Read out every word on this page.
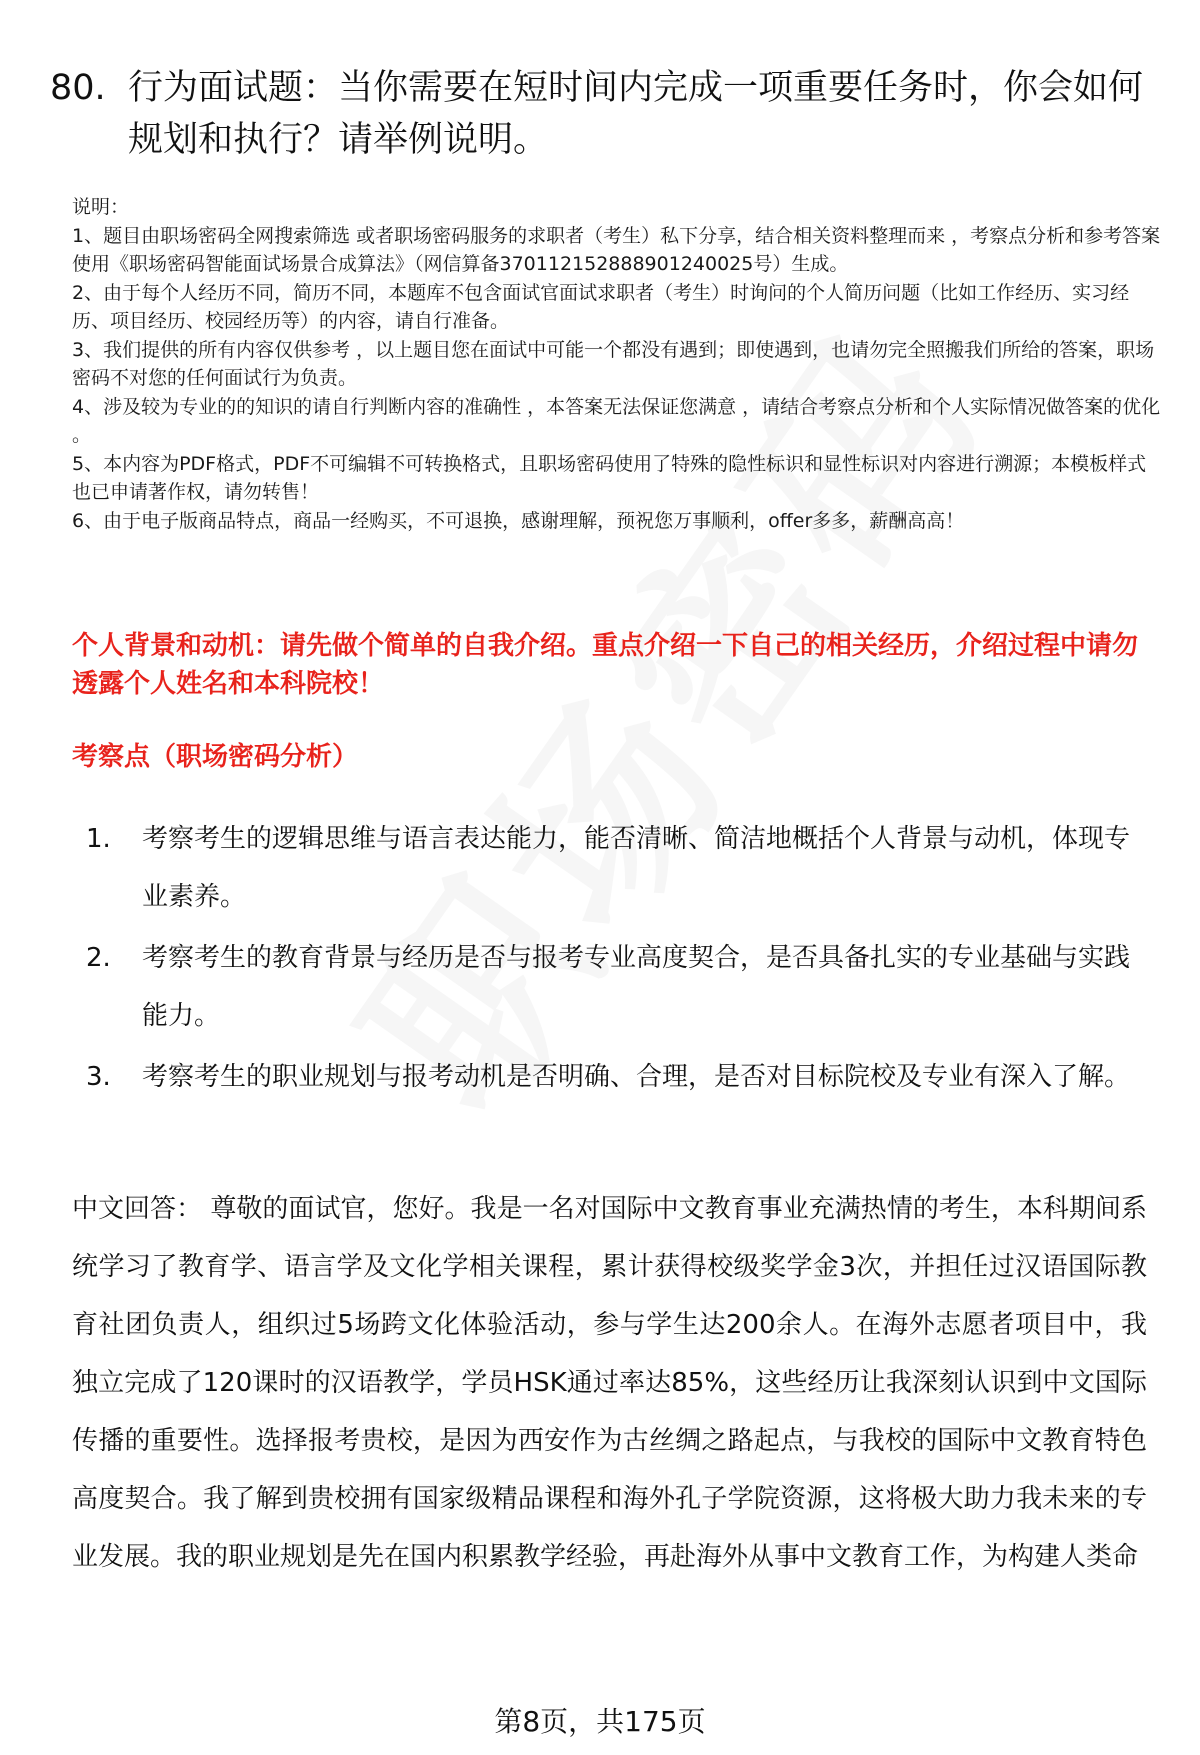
80. 行为面试题：当你需要在短时间内完成一项重要任务时，你会如何规划和执行？请举例说明。
说明：
1、题目由职场密码全网搜索筛选 或者职场密码服务的求职者（考生）私下分享，结合相关资料整理而来 ，考察点分析和参考答案使用《职场密码智能面试场景合成算法》（网信算备370112152888901240025号）生成。
2、由于每个人经历不同，简历不同，本题库不包含面试官面试求职者（考生）时询问的个人简历问题（比如工作经历、实习经历、项目经历、校园经历等）的内容，请自行准备。
3、我们提供的所有内容仅供参考 ，以上题目您在面试中可能一个都没有遇到；即使遇到，也请勿完全照搬我们所给的答案，职场密码不对您的任何面试行为负责。
4、涉及较为专业的的知识的请自行判断内容的准确性 ，本答案无法保证您满意 ，请结合考察点分析和个人实际情况做答案的优化 。
5、本内容为PDF格式，PDF不可编辑不可转换格式，且职场密码使用了特殊的隐性标识和显性标识对内容进行溯源；本模板样式也已申请著作权，请勿转售！
6、由于电子版商品特点，商品一经购买，不可退换，感谢理解，预祝您万事顺利，offer多多，薪酬高高！
个人背景和动机：请先做个简单的自我介绍。重点介绍一下自己的相关经历，介绍过程中请勿透露个人姓名和本科院校！
考察点（职场密码分析）
1.	考察考生的逻辑思维与语言表达能力，能否清晰、简洁地概括个人背景与动机，体现专业素养。
2.	考察考生的教育背景与经历是否与报考专业高度契合，是否具备扎实的专业基础与实践能力。
3.	考察考生的职业规划与报考动机是否明确、合理，是否对目标院校及专业有深入了解。
中文回答： 尊敬的面试官，您好。我是一名对国际中文教育事业充满热情的考生，本科期间系统学习了教育学、语言学及文化学相关课程，累计获得校级奖学金3次，并担任过汉语国际教育社团负责人，组织过5场跨文化体验活动，参与学生达200余人。在海外志愿者项目中，我独立完成了120课时的汉语教学，学员HSK通过率达85%，这些经历让我深刻认识到中文国际传播的重要性。选择报考贵校，是因为西安作为古丝绸之路起点，与我校的国际中文教育特色高度契合。我了解到贵校拥有国家级精品课程和海外孔子学院资源，这将极大助力我未来的专业发展。我的职业规划是先在国内积累教学经验，再赴海外从事中文教育工作，为构建人类命
第8页，共175页
